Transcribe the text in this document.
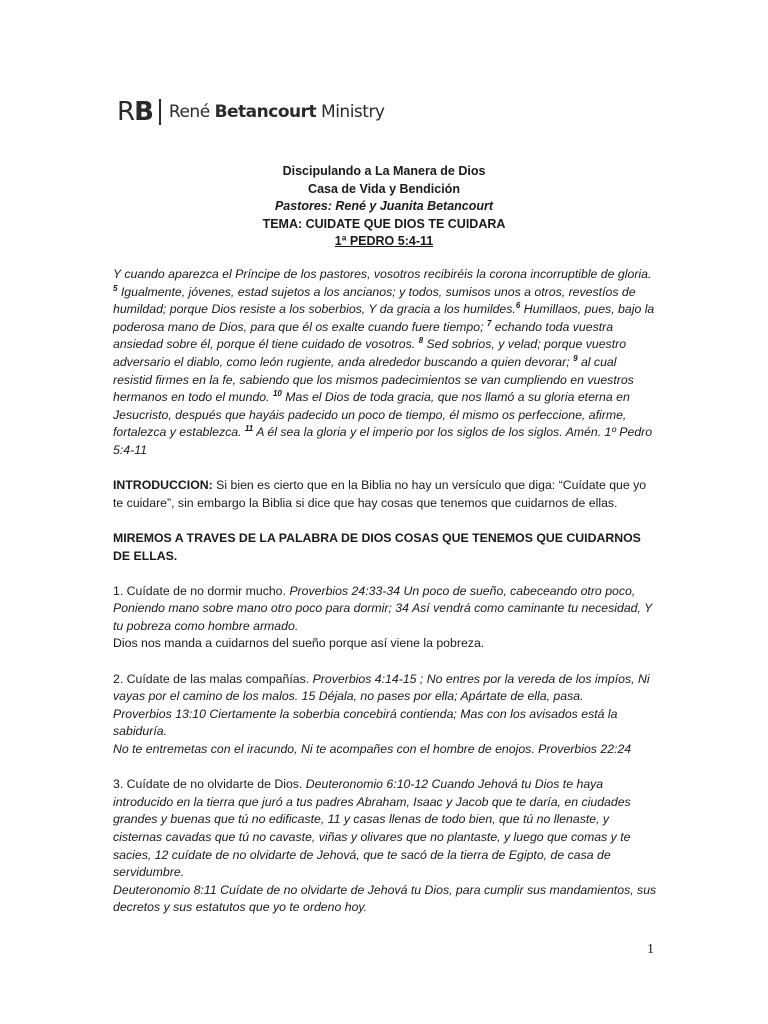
RB René Betancourt Ministry
Discipulando a La Manera de Dios
Casa de Vida y Bendición
Pastores: René y Juanita Betancourt
TEMA: CUIDATE QUE DIOS TE CUIDARA
1ª PEDRO 5:4-11

Y cuando aparezca el Príncipe de los pastores, vosotros recibiréis la corona incorruptible de gloria. $^5$ Igualmente, jóvenes, estad sujetos a los ancianos; y todos, sumisos unos a otros, revestíos de humildad; porque Dios resiste a los soberbios, Y da gracia a los humildes.$^6$ Humillaos, pues, bajo la poderosa mano de Dios, para que él os exalte cuando fuere tiempo; $^7$ echando toda vuestra ansiedad sobre él, porque él tiene cuidado de vosotros. $^8$ Sed sobrios, y velad; porque vuestro adversario el diablo, como león rugiente, anda alrededor buscando a quien devorar; $^9$ al cual resistid firmes en la fe, sabiendo que los mismos padecimientos se van cumpliendo en vuestros hermanos en todo el mundo. $^{10}$ Mas el Dios de toda gracia, que nos llamó a su gloria eterna en Jesucristo, después que hayáis padecido un poco de tiempo, él mismo os perfeccione, afirme, fortalezca y establezca. $^{11}$ A él sea la gloria y el imperio por los siglos de los siglos. Amén. 1º Pedro 5:4-11

INTRODUCCION: Si bien es cierto que en la Biblia no hay un versículo que diga: “Cuídate que yo te cuidare”, sin embargo la Biblia si dice que hay cosas que tenemos que cuidarnos de ellas.

MIREMOS A TRAVES DE LA PALABRA DE DIOS COSAS QUE TENEMOS QUE CUIDARNOS DE ELLAS.

1. Cuídate de no dormir mucho. Proverbios 24:33-34 Un poco de sueño, cabeceando otro poco, Poniendo mano sobre mano otro poco para dormir; 34 Así vendrá como caminante tu necesidad, Y tu pobreza como hombre armado.
Dios nos manda a cuidarnos del sueño porque así viene la pobreza.

2. Cuídate de las malas compañías. Proverbios 4:14-15 ; No entres por la vereda de los impíos, Ni vayas por el camino de los malos. 15 Déjala, no pases por ella; Apártate de ella, pasa.
Proverbios 13:10 Ciertamente la soberbia concebirá contienda; Mas con los avisados está la sabiduría.
No te entremetas con el iracundo, Ni te acompañes con el hombre de enojos. Proverbios 22:24

3. Cuídate de no olvidarte de Dios. Deuteronomio 6:10-12 Cuando Jehová tu Dios te haya introducido en la tierra que juró a tus padres Abraham, Isaac y Jacob que te daría, en ciudades grandes y buenas que tú no edificaste, 11 y casas llenas de todo bien, que tú no llenaste, y cisternas cavadas que tú no cavaste, viñas y olivares que no plantaste, y luego que comas y te sacies, 12 cuídate de no olvidarte de Jehová, que te sacó de la tierra de Egipto, de casa de servidumbre.
Deuteronomio 8:11 Cuídate de no olvidarte de Jehová tu Dios, para cumplir sus mandamientos, sus decretos y sus estatutos que yo te ordeno hoy.

1
